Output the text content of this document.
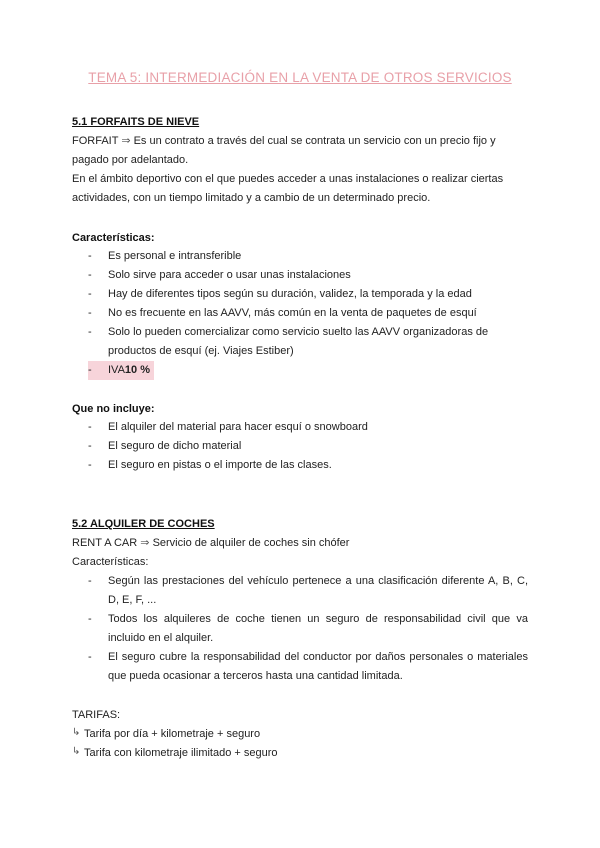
TEMA 5: INTERMEDIACIÓN EN LA VENTA DE OTROS SERVICIOS
5.1 FORFAITS DE NIEVE
FORFAIT ⇒ Es un contrato a través del cual se contrata un servicio con un precio fijo y pagado por adelantado.
En el ámbito deportivo con el que puedes acceder a unas instalaciones o realizar ciertas actividades, con un tiempo limitado y a cambio de un determinado precio.
Características:
- Es personal e intransferible
- Solo sirve para acceder o usar unas instalaciones
- Hay de diferentes tipos según su duración, validez, la temporada y la edad
- No es frecuente en las AAVV, más común en la venta de paquetes de esquí
- Solo lo pueden comercializar como servicio suelto las AAVV organizadoras de productos de esquí (ej. Viajes Estiber)
- IVA10 %
Que no incluye:
- El alquiler del material para hacer esquí o snowboard
- El seguro de dicho material
- El seguro en pistas o el importe de las clases.
5.2 ALQUILER DE COCHES
RENT A CAR ⇒ Servicio de alquiler de coches sin chófer
Características:
- Según las prestaciones del vehículo pertenece a una clasificación diferente A, B, C, D, E, F, ...
- Todos los alquileres de coche tienen un seguro de responsabilidad civil que va incluido en el alquiler.
- El seguro cubre la responsabilidad del conductor por daños personales o materiales que pueda ocasionar a terceros hasta una cantidad limitada.
TARIFAS:
↳ Tarifa por día + kilometraje + seguro
↳ Tarifa con kilometraje ilimitado + seguro
